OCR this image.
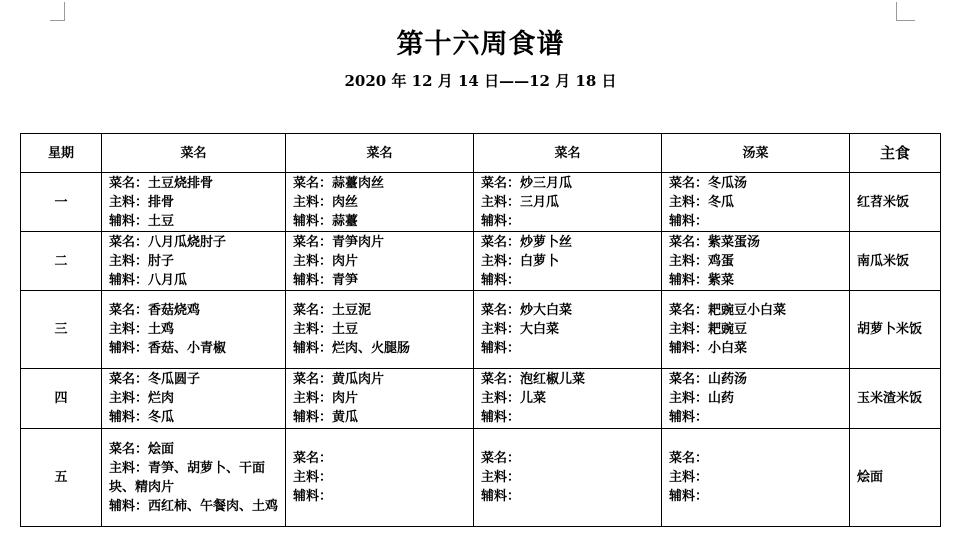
第十六周食谱
2020 年 12 月 14 日——12 月 18 日
星期	菜名	菜名	菜名	汤菜	主食
一	菜名：土豆烧排骨
主料：排骨
辅料：土豆	菜名：蒜薹肉丝
主料：肉丝
辅料：蒜薹	菜名：炒三月瓜
主料：三月瓜
辅料：	菜名：冬瓜汤
主料：冬瓜
辅料：	红苕米饭
二	菜名：八月瓜烧肘子
主料：肘子
辅料：八月瓜	菜名：青笋肉片
主料：肉片
辅料：青笋	菜名：炒萝卜丝
主料：白萝卜
辅料：	菜名：紫菜蛋汤
主料：鸡蛋
辅料：紫菜	南瓜米饭
三	菜名：香菇烧鸡
主料：土鸡
辅料：香菇、小青椒	菜名：土豆泥
主料：土豆
辅料：烂肉、火腿肠	菜名：炒大白菜
主料：大白菜
辅料：	菜名：耙豌豆小白菜
主料：耙豌豆
辅料：小白菜	胡萝卜米饭
四	菜名：冬瓜圆子
主料：烂肉
辅料：冬瓜	菜名：黄瓜肉片
主料：肉片
辅料：黄瓜	菜名：泡红椒儿菜
主料：儿菜
辅料：	菜名：山药汤
主料：山药
辅料：	玉米渣米饭
五	菜名：烩面
主料：青笋、胡萝卜、干面块、精肉片
辅料：西红柿、午餐肉、土鸡	菜名：
主料：
辅料：	菜名：
主料：
辅料：	菜名：
主料：
辅料：	烩面
